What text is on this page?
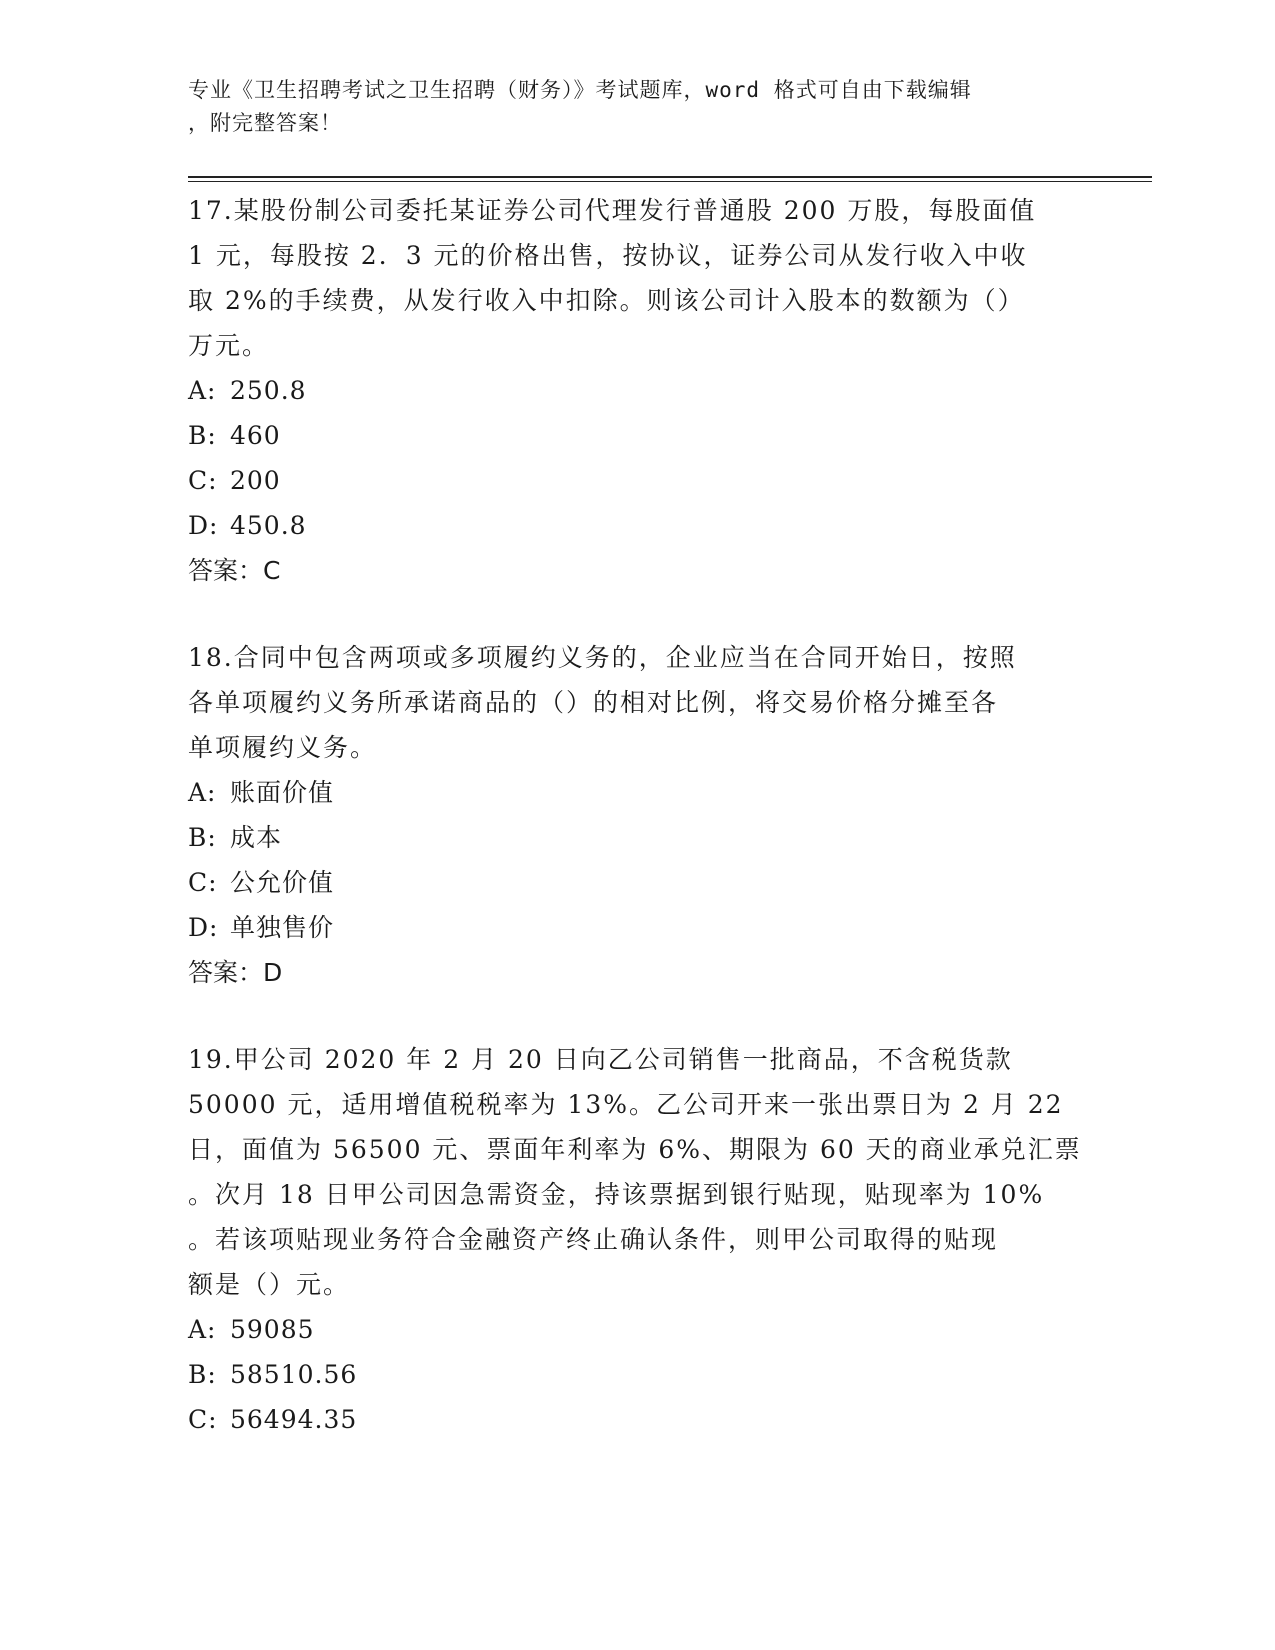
专业《卫生招聘考试之卫生招聘（财务）》考试题库，word 格式可自由下载编辑
，附完整答案！
17.某股份制公司委托某证券公司代理发行普通股 200 万股，每股面值
1 元，每股按 2．3 元的价格出售，按协议，证券公司从发行收入中收
取 2%的手续费，从发行收入中扣除。则该公司计入股本的数额为（）
万元。
A: 250.8
B: 460
C: 200
D: 450.8
答案：C
18.合同中包含两项或多项履约义务的，企业应当在合同开始日，按照
各单项履约义务所承诺商品的（）的相对比例，将交易价格分摊至各
单项履约义务。
A: 账面价值
B: 成本
C: 公允价值
D: 单独售价
答案：D
19.甲公司 2020 年 2 月 20 日向乙公司销售一批商品，不含税货款
50000 元，适用增值税税率为 13%。乙公司开来一张出票日为 2 月 22
日，面值为 56500 元、票面年利率为 6%、期限为 60 天的商业承兑汇票
。次月 18 日甲公司因急需资金，持该票据到银行贴现，贴现率为 10%
。若该项贴现业务符合金融资产终止确认条件，则甲公司取得的贴现
额是（）元。
A: 59085
B: 58510.56
C: 56494.35
